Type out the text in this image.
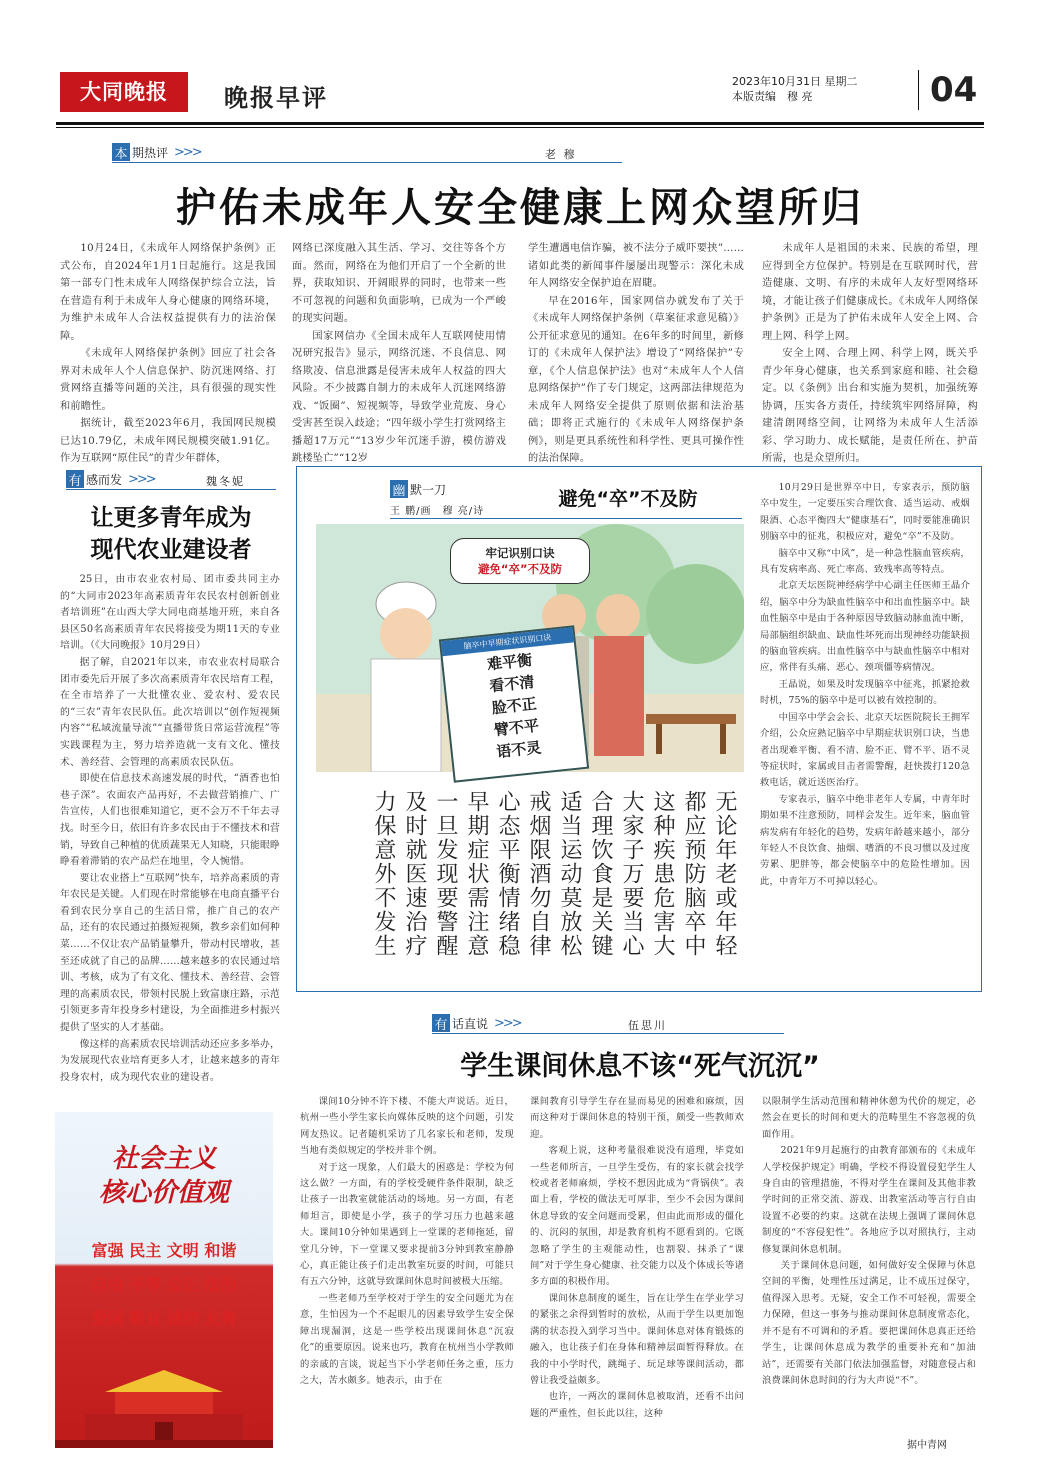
大同晚报	晚报早评
2023年10月31日 星期二
本版责编　穆 亮	04
本 期热评 >>>	老 穆
护佑未成年人安全健康上网众望所归

10月24日，《未成年人网络保护条例》正式公布，自2024年1月1日起施行。这是我国第一部专门性未成年人网络保护综合立法，旨在营造有利于未成年人身心健康的网络环境，为维护未成年人合法权益提供有力的法治保障。

《未成年人网络保护条例》回应了社会各界对未成年人个人信息保护、防沉迷网络、打赏网络直播等问题的关注，具有很强的现实性和前瞻性。

据统计，截至2023年6月，我国网民规模已达10.79亿，未成年网民规模突破1.91亿。作为互联网“原住民”的青少年群体，

网络已深度融入其生活、学习、交往等各个方面。然而，网络在为他们开启了一个全新的世界，获取知识、开阔眼界的同时，也带来一些不可忽视的问题和负面影响，已成为一个严峻的现实问题。

国家网信办《全国未成年人互联网使用情况研究报告》显示，网络沉迷、不良信息、网络欺凌、信息泄露是侵害未成年人权益的四大风险。不少披露自制力的未成年人沉迷网络游戏、“饭圈”、短视频等，导致学业荒废、身心受害甚至误入歧途；“四年级小学生打赏网络主播超17万元”“13岁少年沉迷手游，模仿游戏跳楼坠亡”“12岁

学生遭遇电信诈骗，被不法分子威吓要挟”……诸如此类的新闻事件屡屡出现警示：深化未成年人网络安全保护迫在眉睫。

早在2016年，国家网信办就发布了关于《未成年人网络保护条例（草案征求意见稿）》公开征求意见的通知。在6年多的时间里，新修订的《未成年人保护法》增设了“网络保护”专章，《个人信息保护法》也对“未成年人个人信息网络保护”作了专门规定，这两部法律规范为未成年人网络安全提供了原则依据和法治基础；即将正式施行的《未成年人网络保护条例》，则是更具系统性和科学性、更具可操作性的法治保障。

未成年人是祖国的未来、民族的希望，理应得到全方位保护。特别是在互联网时代，营造健康、文明、有序的未成年人友好型网络环境，才能让孩子们健康成长。《未成年人网络保护条例》正是为了护佑未成年人安全上网、合理上网、科学上网。

安全上网、合理上网、科学上网，既关乎青少年身心健康，也关系到家庭和睦、社会稳定。以《条例》出台和实施为契机，加强统筹协调，压实各方责任，持续筑牢网络屏障，构建清朗网络空间，让网络为未成年人生活添彩、学习助力、成长赋能，是责任所在、护苗所需，也是众望所归。

有 感而发 >>>	魏冬妮
让更多青年成为
现代农业建设者

25日，由市农业农村局、团市委共同主办的“大同市2023年高素质青年农民农村创新创业者培训班”在山西大学大同电商基地开班，来自各县区50名高素质青年农民将接受为期11天的专业培训。（《大同晚报》10月29日）

据了解，自2021年以来，市农业农村局联合团市委先后开展了多次高素质青年农民培育工程，在全市培养了一大批懂农业、爱农村、爱农民的“三农”青年农民队伍。此次培训以“创作短视频内容”“私域流量导流”“直播带货日常运营流程”等实践课程为主，努力培养造就一支有文化、懂技术、善经营、会管理的高素质农民队伍。

即使在信息技术高速发展的时代，“酒香也怕巷子深”。农面农产品再好，不去做营销推广、广告宣传，人们也很难知道它，更不会万不千年去寻找。时至今日，依旧有许多农民由于不懂技术和营销，导致自己种植的优质蔬果无人知晓，只能眼睁睁看着滞销的农产品烂在地里，令人惋惜。

要让农业搭上“互联网”快车，培养高素质的青年农民是关键。人们现在时常能够在电商直播平台看到农民分享自己的生活日常，推广自己的农产品，还有的农民通过拍摄短视频，教乡亲们如何种菜……不仅让农产品销量攀升，带动村民增收，甚至还成就了自己的品牌……越来越多的农民通过培训、考核，成为了有文化、懂技术、善经营、会管理的高素质农民，带领村民脱上致富康庄路，示范引领更多青年投身乡村建设，为全面推进乡村振兴提供了坚实的人才基础。

像这样的高素质农民培训活动还应多多举办，为发展现代农业培育更多人才，让越来越多的青年投身农村，成为现代农业的建设者。

社会主义
核心价值观
富强 民主 文明 和谐
自由 平等 公正 法治
爱国 敬业 诚信 友善
幽 默一刀
王 鹏/画　穆 亮/诗
避免“卒”不及防
牢记识别口诀
避免“卒”不及防
脑卒中早期症状识别口诀
难平衡
看不清
脸不正
臂不平
语不灵
无论年老或年轻
都应预防脑卒中
这种疾患危害大
大家子万要当心
合理饮食是关键
适当运动莫放松
戒烟限酒勿自律
心态平衡情绪稳
早期症状需注意
一旦发现要警醒
及时就医速治疗
力保意外不发生

10月29日是世界卒中日，专家表示，预防脑卒中发生，一定要压实合理饮食、适当运动、戒烟限酒、心态平衡四大“健康基石”，同时要能准确识别脑卒中的征兆，积极应对，避免“卒”不及防。

脑卒中又称“中风”，是一种急性脑血管疾病，具有发病率高、死亡率高、致残率高等特点。

北京天坛医院神经病学中心副主任医师王晶介绍，脑卒中分为缺血性脑卒中和出血性脑卒中。缺血性脑卒中是由于各种原因导致脑动脉血流中断，局部脑组织缺血、缺血性坏死而出现神经功能缺损的脑血管疾病。出血性脑卒中与缺血性脑卒中相对应，常伴有头痛、恶心、颈项僵等病情况。

王晶说，如果及时发现脑卒中征兆，抓紧抢救时机，75%的脑卒中是可以被有效控制的。

中国卒中学会会长、北京天坛医院院长王拥军介绍，公众应熟记脑卒中早期症状识别口诀，当患者出现难平衡、看不清、脸不正、臂不平、语不灵等症状时，家属或目击者需警醒，赶快拨打120急救电话，就近送医治疗。

专家表示，脑卒中绝非老年人专属，中青年时期如果不注意预防，同样会发生。近年来，脑血管病发病有年轻化的趋势，发病年龄越来越小，部分年轻人不良饮食、抽烟、嗜酒的不良习惯以及过度劳累、肥胖等，都会使脑卒中的危险性增加。因此，中青年万不可掉以轻心。

有 话直说 >>>	伍思川
学生课间休息不该“死气沉沉”

课间10分钟不许下楼、不能大声说话。近日，杭州一些小学生家长向媒体反映的这个问题，引发网友热议。记者随机采访了几名家长和老师，发现当地有类似规定的学校并非个例。

对于这一现象，人们最大的困惑是：学校为何这么做？一方面，有的学校受硬件条件限制，缺乏让孩子一出教室就能活动的场地。另一方面，有老师坦言，即使是小学，孩子的学习压力也越来越大。课间10分钟如果遇到上一堂课的老师拖延，留堂几分钟，下一堂课又要求提前3分钟到教室静静心，真正能让孩子们走出教室玩耍的时间，可能只有五六分钟，这就导致课间休息时间被极大压缩。

一些老师乃至学校对于学生的安全问题尤为在意，生怕因为一个不起眼儿的因素导致学生安全保障出现漏洞，这是一些学校出现课间休息“沉寂化”的重要原因。说来也巧，教育在杭州当小学教师的亲戚的言谈，说起当下小学老师任务之重，压力之大，苦水颇多。她表示，由于在

课间教育引导学生存在显而易见的困难和麻烦，因而这种对于课间休息的特别干预，颇受一些教师欢迎。

客观上说，这种考量很难说没有道理，毕竟如一些老师所言，一旦学生受伤，有的家长就会找学校或者老师麻烦，学校不想因此成为“背锅侠”。表面上看，学校的做法无可厚非，至少不会因为课间休息导致的安全问题而受累，但由此而形成的僵化的、沉闷的氛围，却是教育机构不愿看到的。它既忽略了学生的主观能动性，也割裂、抹杀了“课间”对于学生身心健康、社交能力以及个体成长等诸多方面的积极作用。

课间休息制度的诞生，旨在让学生在学业学习的紧张之余得到暂时的放松，从而于学生以更加饱满的状态投入到学习当中。课间休息对体育锻炼的融入，也让孩子们在身体和精神层面暂得释放。在我的中小学时代，跳绳子、玩足球等课间活动，都曾让我受益颇多。

也许，一两次的课间休息被取消，还看不出问题的严重性，但长此以往，这种

以限制学生活动范围和精神休憩为代价的规定，必然会在更长的时间和更大的范畴里生不容忽视的负面作用。

2021年9月起施行的由教育部颁布的《未成年人学校保护规定》明确，学校不得设置侵犯学生人身自由的管理措施，不得对学生在课间及其他非教学时间的正常交流、游戏、出教室活动等言行自由设置不必要的约束。这就在法规上强调了课间休息制度的“不容侵犯性”。各地应予以对照执行，主动修复课间休息机制。

关于课间休息问题，如何做好安全保障与休息空间的平衡，处理性压过满足，让不成压过保守，值得深入思考。无疑，安全工作不可轻视，需要全力保障，但这一事务与推动课间休息制度常态化，并不是有不可调和的矛盾。要把课间休息真正还给学生，让课间休息成为教学的重要补充和“加油站”，还需要有关部门依法加强监督，对随意侵占和浪费课间休息时间的行为大声说“不”。

据中青网
